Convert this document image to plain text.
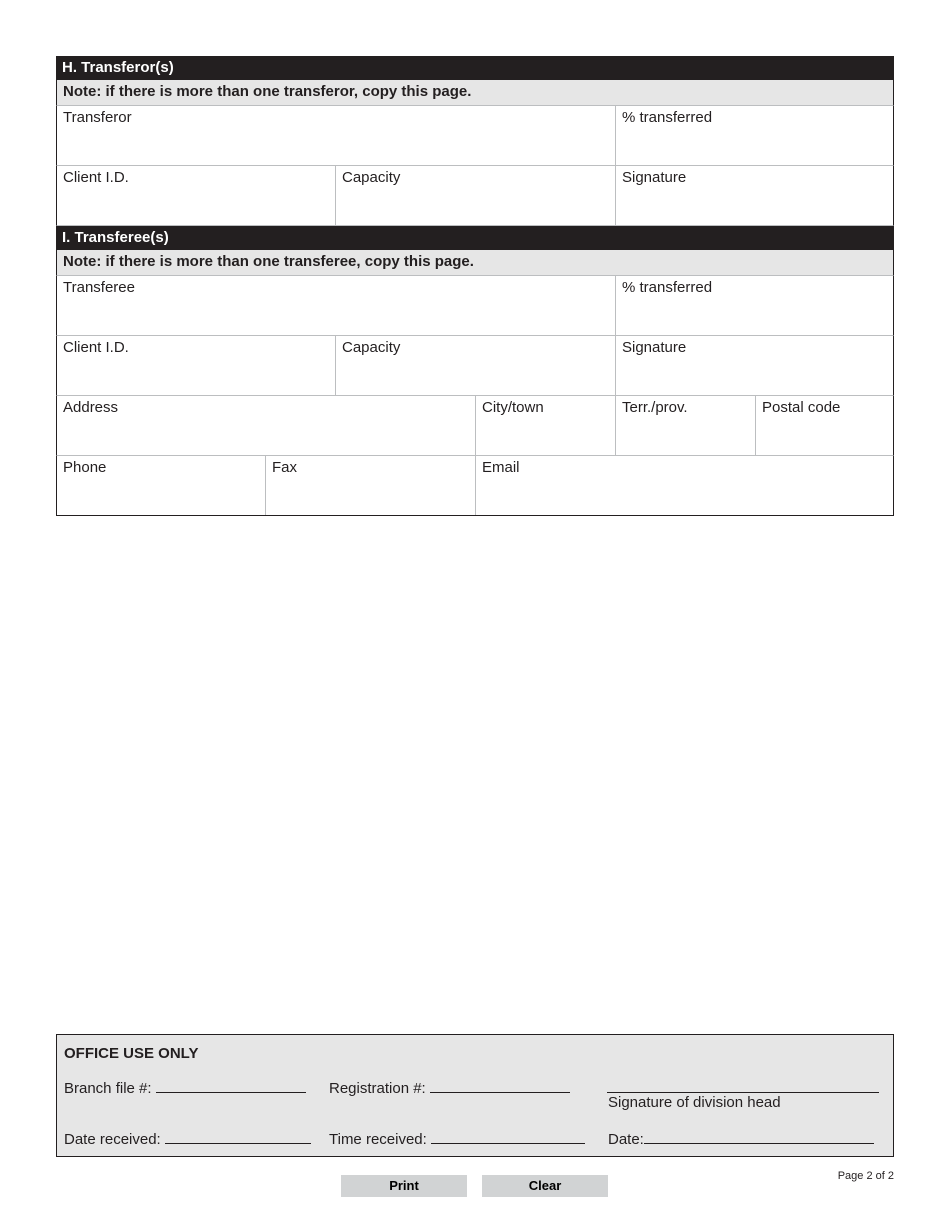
H. Transferor(s)
Note: if there is more than one transferor, copy this page.
Transferor	% transferred
Client I.D.	Capacity	Signature
I. Transferee(s)
Note: if there is more than one transferee, copy this page.
Transferee	% transferred
Client I.D.	Capacity	Signature
Address	City/town	Terr./prov.	Postal code
Phone	Fax	Email
OFFICE USE ONLY
Branch file #:	Registration #:
Signature of division head
Date received:	Time received:	Date:
Print	Clear
Page 2 of 2
